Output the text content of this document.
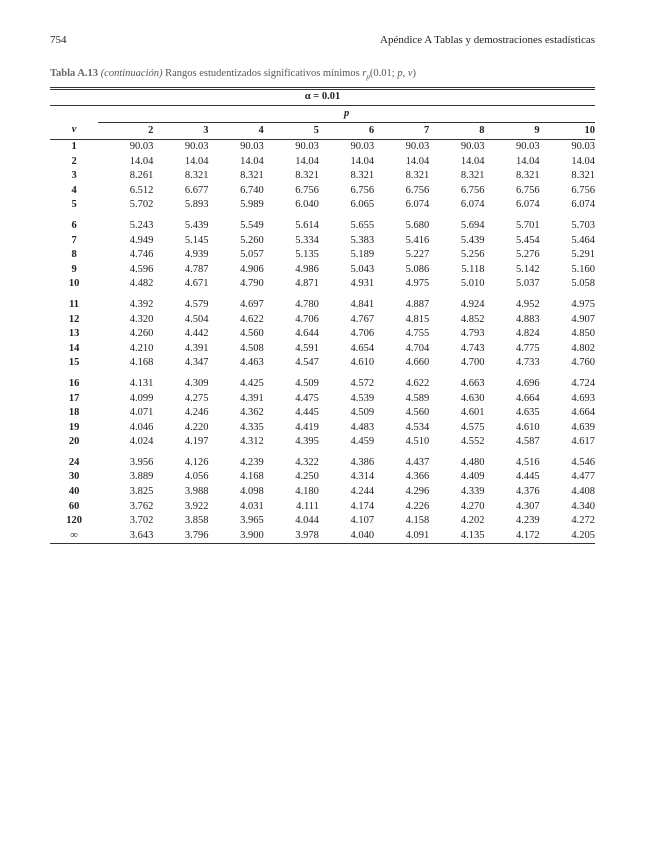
754	Apéndice A Tablas y demostraciones estadísticas
Tabla A.13 (continuación) Rangos estudentizados significativos mínimos $r_p(0.01$; p, v)
α = 0.01									
	p								
v	2	3	4	5	6	7	8	9	10
1	90.03	90.03	90.03	90.03	90.03	90.03	90.03	90.03	90.03
2	14.04	14.04	14.04	14.04	14.04	14.04	14.04	14.04	14.04
3	8.261	8.321	8.321	8.321	8.321	8.321	8.321	8.321	8.321
4	6.512	6.677	6.740	6.756	6.756	6.756	6.756	6.756	6.756
5	5.702	5.893	5.989	6.040	6.065	6.074	6.074	6.074	6.074
6	5.243	5.439	5.549	5.614	5.655	5.680	5.694	5.701	5.703
7	4.949	5.145	5.260	5.334	5.383	5.416	5.439	5.454	5.464
8	4.746	4.939	5.057	5.135	5.189	5.227	5.256	5.276	5.291
9	4.596	4.787	4.906	4.986	5.043	5.086	5.118	5.142	5.160
10	4.482	4.671	4.790	4.871	4.931	4.975	5.010	5.037	5.058
11	4.392	4.579	4.697	4.780	4.841	4.887	4.924	4.952	4.975
12	4.320	4.504	4.622	4.706	4.767	4.815	4.852	4.883	4.907
13	4.260	4.442	4.560	4.644	4.706	4.755	4.793	4.824	4.850
14	4.210	4.391	4.508	4.591	4.654	4.704	4.743	4.775	4.802
15	4.168	4.347	4.463	4.547	4.610	4.660	4.700	4.733	4.760
16	4.131	4.309	4.425	4.509	4.572	4.622	4.663	4.696	4.724
17	4.099	4.275	4.391	4.475	4.539	4.589	4.630	4.664	4.693
18	4.071	4.246	4.362	4.445	4.509	4.560	4.601	4.635	4.664
19	4.046	4.220	4.335	4.419	4.483	4.534	4.575	4.610	4.639
20	4.024	4.197	4.312	4.395	4.459	4.510	4.552	4.587	4.617
24	3.956	4.126	4.239	4.322	4.386	4.437	4.480	4.516	4.546
30	3.889	4.056	4.168	4.250	4.314	4.366	4.409	4.445	4.477
40	3.825	3.988	4.098	4.180	4.244	4.296	4.339	4.376	4.408
60	3.762	3.922	4.031	4.111	4.174	4.226	4.270	4.307	4.340
120	3.702	3.858	3.965	4.044	4.107	4.158	4.202	4.239	4.272
∞	3.643	3.796	3.900	3.978	4.040	4.091	4.135	4.172	4.205
